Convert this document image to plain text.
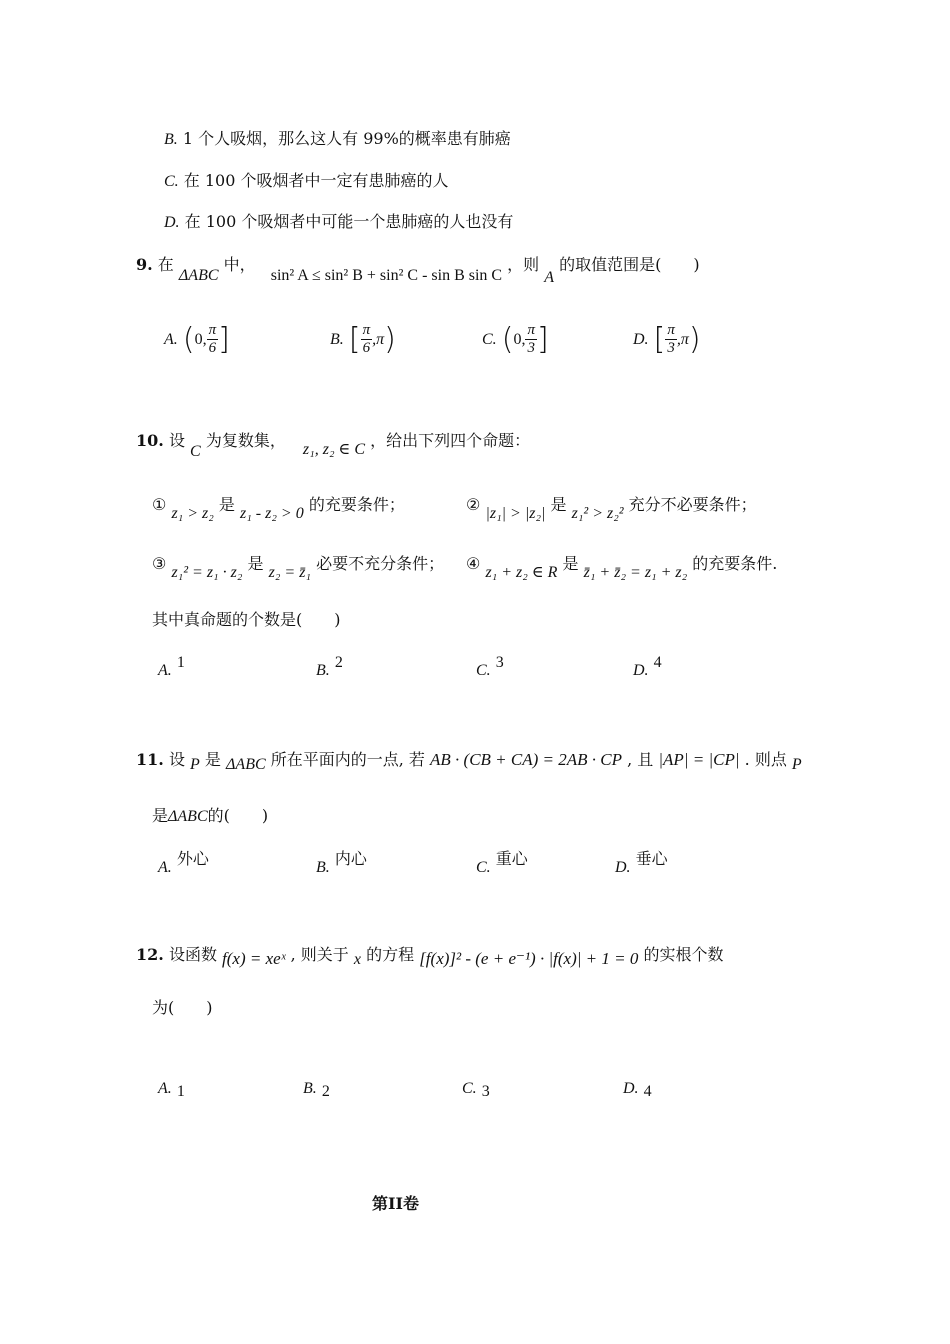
B. 1 个人吸烟，那么这人有 99%的概率患有肺癌
C. 在 100 个吸烟者中一定有患肺癌的人
D. 在 100 个吸烟者中可能一个患肺癌的人也没有
9. 在 ΔABC 中， sin² A ≤ sin² B + sin² C - sin B sin C ，则 A 的取值范围是(　　)
A. (0, $\frac{\pi}{6}$ ]	B. [ $\frac{\pi}{6} ,\pi$)	C. (0, $\frac{\pi}{3}$ ]	D. [ $\frac{\pi}{3} ,\pi$)
10. 设 C 为复数集， z₁, z₂ ∈ C ，给出下列四个命题：
① z₁ > z₂ 是 z₁ - z₂ > 0 的充要条件；	② |z₁| > |z₂| 是 z₁² > z₂² 充分不必要条件；
③ z₁² = z₁ · z₂ 是 z₂ = z̄₁ 必要不充分条件； ④ z₁ + z₂ ∈ R 是 z̄₁ + z̄₂ = z₁ + z₂ 的充要条件.
其中真命题的个数是(　　)
A. 1	B. 2	C. 3	D. 4
11. 设 P 是 ΔABC 所在平面内的一点, 若 AB · (CB + CA) = 2AB · CP , 且 |AP| = |CP| . 则点 P
是ΔABC的(　　)
A. 外心	B. 内心	C. 重心	D. 垂心
12. 设函数 f(x) = xeˣ , 则关于 x 的方程 [f(x)]² - (e + e⁻¹) · |f(x)| + 1 = 0 的实根个数
为(　　)
A. 1	B. 2	C. 3	D. 4
第II卷
